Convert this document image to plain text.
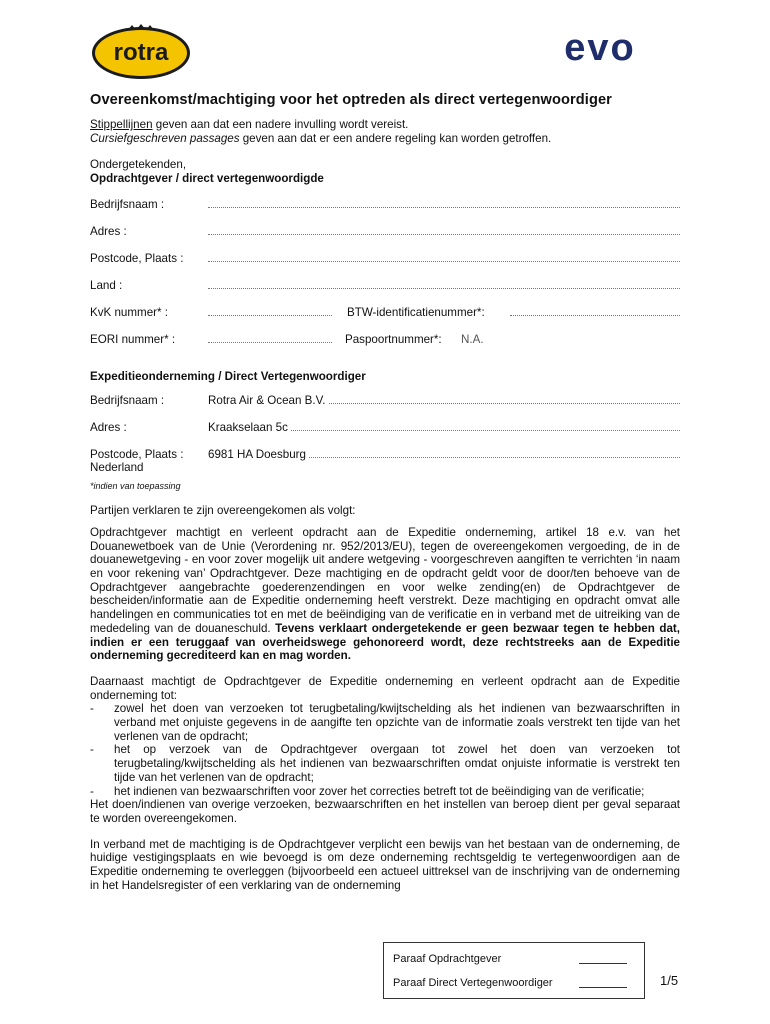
rotra	evo
Overeenkomst/machtiging voor het optreden als direct vertegenwoordiger

Stippellijnen geven aan dat een nadere invulling wordt vereist.

Cursiefgeschreven passages geven aan dat er een andere regeling kan worden getroffen.

Ondergetekenden,

Opdrachtgever / direct vertegenwoordigde

Bedrijfsnaam :
Adres :
Postcode, Plaats :
Land :
KvK nummer* :	BTW-identificatienummer*:
EORI nummer* :	Paspoortnummer*: N.A.

Expeditieonderneming / Direct Vertegenwoordiger

Bedrijfsnaam :	Rotra Air & Ocean B.V.
Adres :	Kraakselaan 5c
Postcode, Plaats : 6981 HA Doesburg
Nederland

*indien van toepassing

Partijen verklaren te zijn overeengekomen als volgt:

Opdrachtgever machtigt en verleent opdracht aan de Expeditie onderneming, artikel 18 e.v. van het Douanewetboek van de Unie (Verordening nr. 952/2013/EU), tegen de overeengekomen vergoeding, de in de douanewetgeving - en voor zover mogelijk uit andere wetgeving - voorgeschreven aangiften te verrichten ‘in naam en voor rekening van’ Opdrachtgever. Deze machtiging en de opdracht geldt voor de door/ten behoeve van de Opdrachtgever aangebrachte goederenzendingen en voor welke zending(en) de Opdrachtgever de bescheiden/informatie aan de Expeditie onderneming heeft verstrekt. Deze machtiging en opdracht omvat alle handelingen en communicaties tot en met de beëindiging van de verificatie en in verband met de uitreiking van de mededeling van de douaneschuld. Tevens verklaart ondergetekende er geen bezwaar tegen te hebben dat, indien er een teruggaaf van overheidswege gehonoreerd wordt, deze rechtstreeks aan de Expeditie onderneming gecrediteerd kan en mag worden.

Daarnaast machtigt de Opdrachtgever de Expeditie onderneming en verleent opdracht aan de Expeditie onderneming tot:

- zowel het doen van verzoeken tot terugbetaling/kwijtschelding als het indienen van bezwaarschriften in verband met onjuiste gegevens in de aangifte ten opzichte van de informatie zoals verstrekt ten tijde van het verlenen van de opdracht;
- het op verzoek van de Opdrachtgever overgaan tot zowel het doen van verzoeken tot terugbetaling/kwijtschelding als het indienen van bezwaarschriften omdat onjuiste informatie is verstrekt ten tijde van het verlenen van de opdracht;
- het indienen van bezwaarschriften voor zover het correcties betreft tot de beëindiging van de verificatie;

Het doen/indienen van overige verzoeken, bezwaarschriften en het instellen van beroep dient per geval separaat te worden overeengekomen.

In verband met de machtiging is de Opdrachtgever verplicht een bewijs van het bestaan van de onderneming, de huidige vestigingsplaats en wie bevoegd is om deze onderneming rechtsgeldig te vertegenwoordigen aan de Expeditie onderneming te overleggen (bijvoorbeeld een actueel uittreksel van de inschrijving van de onderneming in het Handelsregister of een verklaring van de onderneming

Paraaf Opdrachtgever
Paraaf Direct Vertegenwoordiger	1/5
